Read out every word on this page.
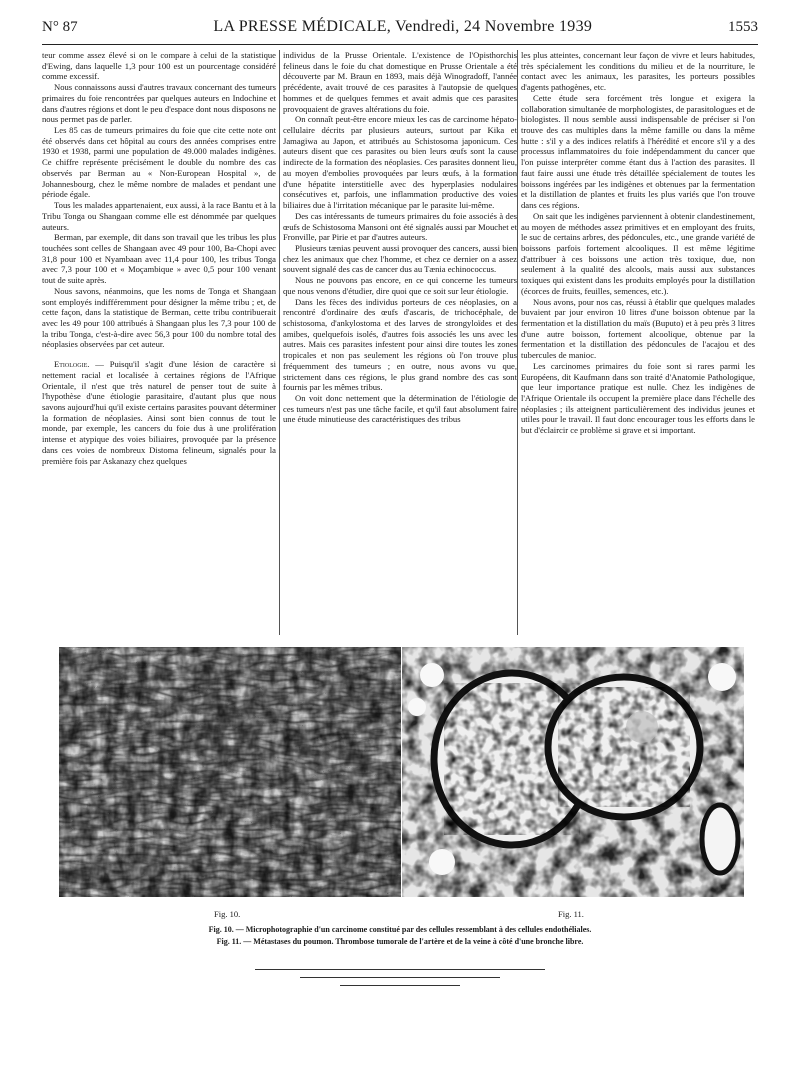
N° 87	LA PRESSE MÉDICALE, Vendredi, 24 Novembre 1939	1553

teur comme assez élevé si on le compare à celui de la statistique d'Ewing, dans laquelle 1,3 pour 100 est un pourcentage considéré comme excessif.

Nous connaissons aussi d'autres travaux concernant des tumeurs primaires du foie rencontrées par quelques auteurs en Indochine et dans d'autres régions et dont le peu d'espace dont nous disposons ne nous permet pas de parler.

Les 85 cas de tumeurs primaires du foie que cite cette note ont été observés dans cet hôpital au cours des années comprises entre 1930 et 1938, parmi une population de 49.000 malades indigènes. Ce chiffre représente précisément le double du nombre des cas observés par Berman au « Non-European Hospital », de Johannesbourg, chez le même nombre de malades et pendant une période égale.

Tous les malades appartenaient, eux aussi, à la race Bantu et à la Tribu Tonga ou Shangaan comme elle est dénommée par quelques auteurs.

Berman, par exemple, dit dans son travail que les tribus les plus touchées sont celles de Shangaan avec 49 pour 100, Ba-Chopi avec 31,8 pour 100 et Nyambaan avec 11,4 pour 100, les tribus Tonga avec 7,3 pour 100 et « Moçambique » avec 0,5 pour 100 venant tout de suite après.

Nous savons, néanmoins, que les noms de Tonga et Shangaan sont employés indifféremment pour désigner la même tribu ; et, de cette façon, dans la statistique de Berman, cette tribu contribuerait avec les 49 pour 100 attribués à Shangaan plus les 7,3 pour 100 de la tribu Tonga, c'est-à-dire avec 56,3 pour 100 du nombre total des néoplasies observées par cet auteur.

Etiologie. — Puisqu'il s'agit d'une lésion de caractère si nettement racial et localisée à certaines régions de l'Afrique Orientale, il n'est que très naturel de penser tout de suite à l'hypothèse d'une étiologie parasitaire, d'autant plus que nous savons aujourd'hui qu'il existe certains parasites pouvant déterminer la formation de néoplasies. Ainsi sont bien connus de tout le monde, par exemple, les cancers du foie dus à une prolifération intense et atypique des voies biliaires, provoquée par la présence dans ces voies de nombreux Distoma felineum, signalés pour la première fois par Askanazy chez quelques

individus de la Prusse Orientale. L'existence de l'Opisthorchis felineus dans le foie du chat domestique en Prusse Orientale a été découverte par M. Braun en 1893, mais déjà Winogradoff, l'année précédente, avait trouvé de ces parasites à l'autopsie de quelques hommes et de quelques femmes et avait admis que ces parasites provoquaient de graves altérations du foie.

On connaît peut-être encore mieux les cas de carcinome hépato-cellulaire décrits par plusieurs auteurs, surtout par Kika et Jamagiwa au Japon, et attribués au Schistosoma japonicum. Ces auteurs disent que ces parasites ou bien leurs œufs sont la cause indirecte de la formation des néoplasies. Ces parasites donnent lieu, au moyen d'embolies provoquées par leurs œufs, à la formation d'une hépatite interstitielle avec des hyperplasies nodulaires consécutives et, parfois, une inflammation productive des voies biliaires due à l'irritation mécanique par le parasite lui-même.

Des cas intéressants de tumeurs primaires du foie associés à des œufs de Schistosoma Mansoni ont été signalés aussi par Mouchet et Fronville, par Pirie et par d'autres auteurs.

Plusieurs tænias peuvent aussi provoquer des cancers, aussi bien chez les animaux que chez l'homme, et chez ce dernier on a assez souvent signalé des cas de cancer dus au Tænia echinococcus.

Nous ne pouvons pas encore, en ce qui concerne les tumeurs que nous venons d'étudier, dire quoi que ce soit sur leur étiologie.

Dans les fèces des individus porteurs de ces néoplasies, on a rencontré d'ordinaire des œufs d'ascaris, de trichocéphale, de schistosoma, d'ankylostoma et des larves de strongyloïdes et des amibes, quelquefois isolés, d'autres fois associés les uns avec les autres. Mais ces parasites infestent pour ainsi dire toutes les zones tropicales et non pas seulement les régions où l'on trouve plus fréquemment des tumeurs ; en outre, nous avons vu que, strictement dans ces régions, le plus grand nombre des cas sont fournis par les mêmes tribus.

On voit donc nettement que la détermination de l'étiologie de ces tumeurs n'est pas une tâche facile, et qu'il faut absolument faire une étude minutieuse des caractéristiques des tribus

les plus atteintes, concernant leur façon de vivre et leurs habitudes, très spécialement les conditions du milieu et de la nourriture, le contact avec les animaux, les parasites, les porteurs possibles d'agents pathogènes, etc.

Cette étude sera forcément très longue et exigera la collaboration simultanée de morphologistes, de parasitologues et de biologistes. Il nous semble aussi indispensable de préciser si l'on trouve des cas multiples dans la même famille ou dans la même hutte : s'il y a des indices relatifs à l'hérédité et encore s'il y a des processus inflammatoires du foie indépendamment du cancer que l'on puisse interpréter comme étant dus à l'action des parasites. Il faut faire aussi une étude très détaillée spécialement de toutes les boissons ingérées par les indigènes et obtenues par la fermentation et la distillation de plantes et fruits les plus variés que l'on trouve dans ces régions.

On sait que les indigènes parviennent à obtenir clandestinement, au moyen de méthodes assez primitives et en employant des fruits, le suc de certains arbres, des pédoncules, etc., une grande variété de boissons parfois fortement alcooliques. Il est même légitime d'attribuer à ces boissons une action très toxique, due, non seulement à la qualité des alcools, mais aussi aux substances toxiques qui existent dans les produits employés pour la distillation (écorces de fruits, feuilles, semences, etc.).

Nous avons, pour nos cas, réussi à établir que quelques malades buvaient par jour environ 10 litres d'une boisson obtenue par la fermentation et la distillation du maïs (Buputo) et à peu près 3 litres d'une autre boisson, fortement alcoolique, obtenue par la fermentation et la distillation des pédoncules de l'acajou et des tubercules de manioc.

Les carcinomes primaires du foie sont si rares parmi les Européens, dit Kaufmann dans son traité d'Anatomie Pathologique, que leur importance pratique est nulle. Chez les indigènes de l'Afrique Orientale ils occupent la première place dans l'échelle des néoplasies ; ils atteignent particulièrement des individus jeunes et utiles pour le travail. Il faut donc encourager tous les efforts dans le but d'éclaircir ce problème si grave et si important.

Fig. 10.	Fig. 11.
Fig. 10. — Microphotographie d'un carcinome constitué par des cellules ressemblant à des cellules endothéliales.
Fig. 11. — Métastases du poumon. Thrombose tumorale de l'artère et de la veine à côté d'une bronche libre.
